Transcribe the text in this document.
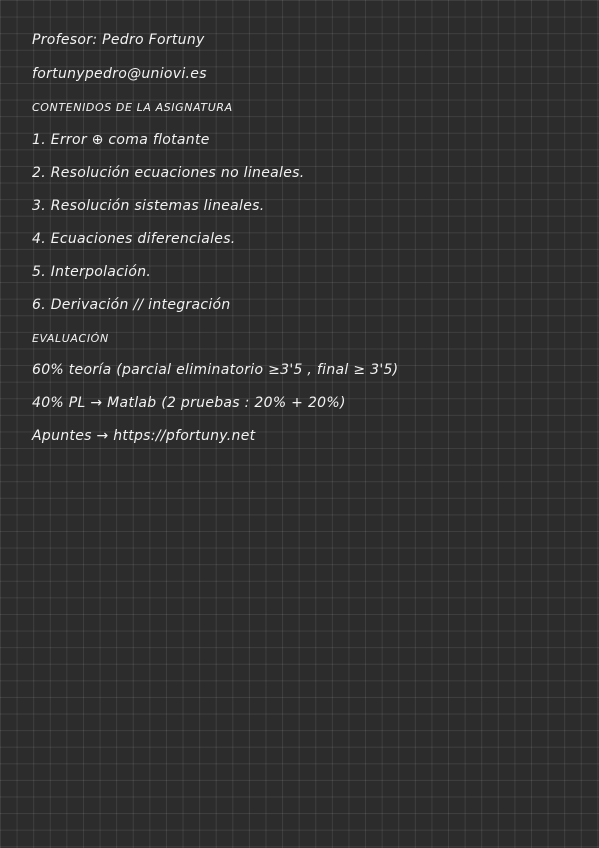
Profesor: Pedro Fortuny
fortunypedro@uniovi.es
CONTENIDOS DE LA ASIGNATURA
1. Error ⊕ coma flotante
2. Resolución ecuaciones no lineales.
3. Resolución sistemas lineales.
4. Ecuaciones diferenciales.
5. Interpolación.
6. Derivación // integración
EVALUACIÓN
60% teoría (parcial eliminatorio ≥3'5 , final ≥ 3'5)
40% PL → Matlab (2 pruebas : 20% + 20%)
Apuntes → https://pfortuny.net
